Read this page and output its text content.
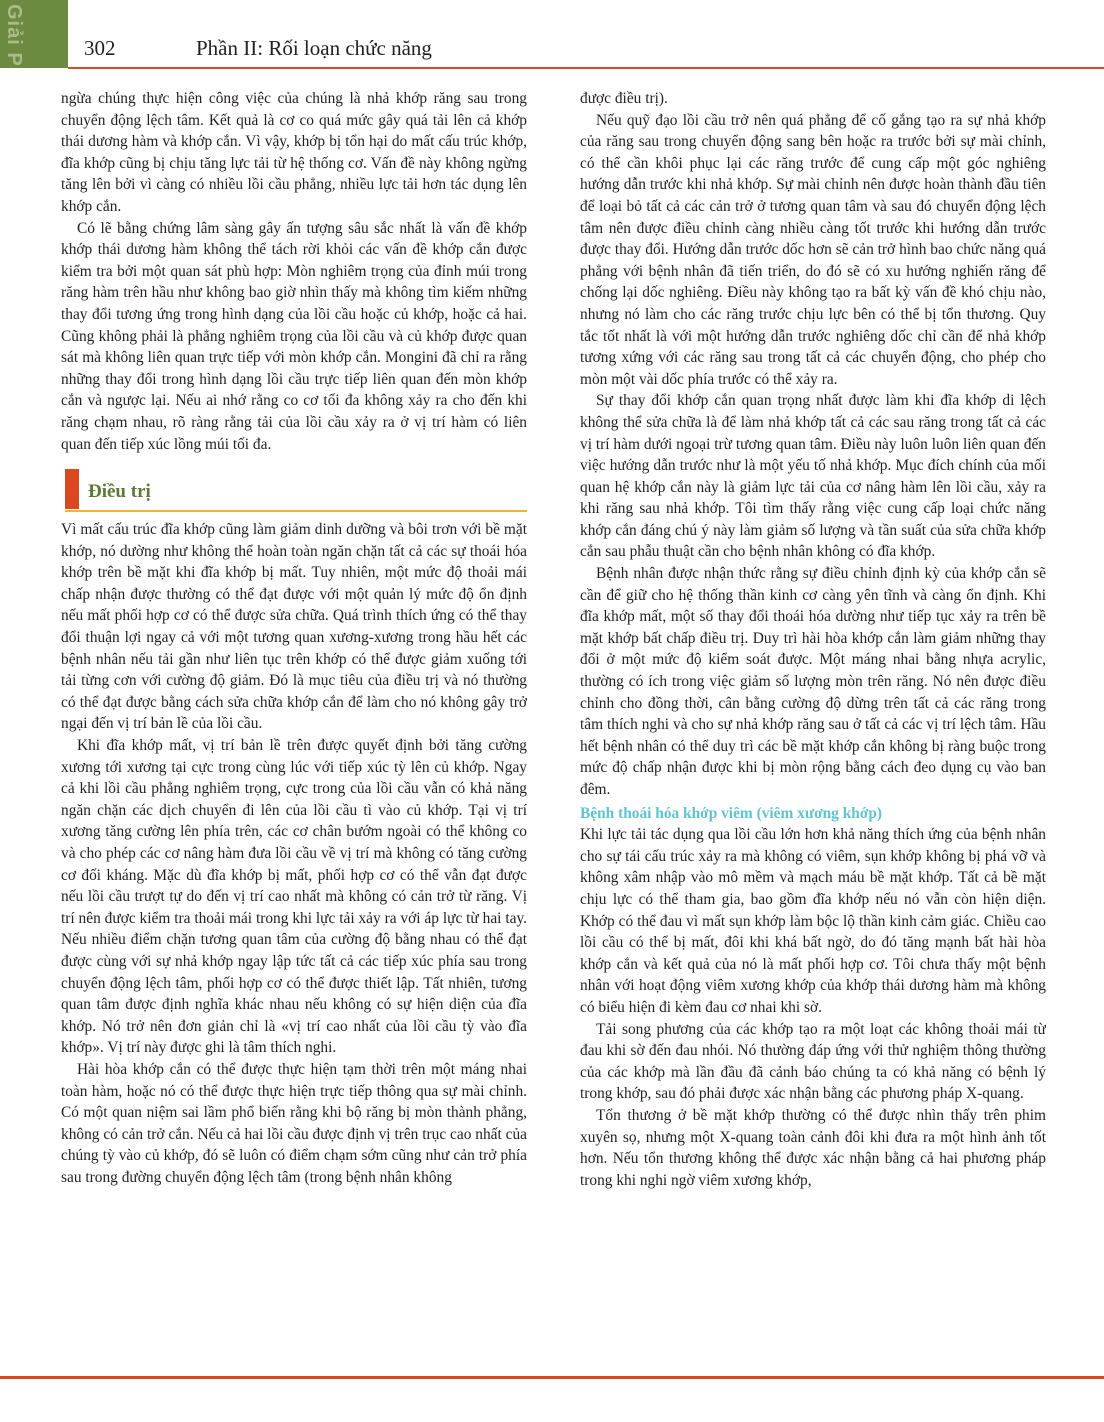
Giải P	302	Phần II: Rối loạn chức năng

ngừa chúng thực hiện công việc của chúng là nhả khớp răng sau trong chuyển động lệch tâm. Kết quả là cơ co quá mức gây quá tải lên cả khớp thái dương hàm và khớp cắn. Vì vậy, khớp bị tổn hại do mất cấu trúc khớp, đĩa khớp cũng bị chịu tăng lực tải từ hệ thống cơ. Vấn đề này không ngừng tăng lên bởi vì càng có nhiều lồi cầu phẳng, nhiều lực tải hơn tác dụng lên khớp cắn.

Có lẽ bằng chứng lâm sàng gây ấn tượng sâu sắc nhất là vấn đề khớp khớp thái dương hàm không thể tách rời khỏi các vấn đề khớp cắn được kiểm tra bởi một quan sát phù hợp: Mòn nghiêm trọng của đỉnh múi trong răng hàm trên hầu như không bao giờ nhìn thấy mà không tìm kiếm những thay đổi tương ứng trong hình dạng của lồi cầu hoặc củ khớp, hoặc cả hai. Cũng không phải là phẳng nghiêm trọng của lồi cầu và củ khớp được quan sát mà không liên quan trực tiếp với mòn khớp cắn. Mongini đã chỉ ra rằng những thay đổi trong hình dạng lồi cầu trực tiếp liên quan đến mòn khớp cắn và ngược lại. Nếu ai nhớ rằng co cơ tối đa không xảy ra cho đến khi răng chạm nhau, rõ ràng rằng tải của lồi cầu xảy ra ở vị trí hàm có liên quan đến tiếp xúc lồng múi tối đa.

Điều trị

Vì mất cấu trúc đĩa khớp cũng làm giảm dinh dưỡng và bôi trơn với bề mặt khớp, nó dường như không thể hoàn toàn ngăn chặn tất cả các sự thoái hóa khớp trên bề mặt khi đĩa khớp bị mất. Tuy nhiên, một mức độ thoải mái chấp nhận được thường có thể đạt được với một quản lý mức độ ổn định nếu mất phối hợp cơ có thể được sửa chữa. Quá trình thích ứng có thể thay đổi thuận lợi ngay cả với một tương quan xương-xương trong hầu hết các bệnh nhân nếu tải gần như liên tục trên khớp có thể được giảm xuống tới tải từng cơn với cường độ giảm. Đó là mục tiêu của điều trị và nó thường có thể đạt được bằng cách sửa chữa khớp cắn để làm cho nó không gây trở ngại đến vị trí bản lề của lồi cầu.

Khi đĩa khớp mất, vị trí bản lề trên được quyết định bởi tăng cường xương tới xương tại cực trong cùng lúc với tiếp xúc tỳ lên củ khớp. Ngay cả khi lồi cầu phẳng nghiêm trọng, cực trong của lồi cầu vẫn có khả năng ngăn chặn các dịch chuyển đi lên của lồi cầu tì vào củ khớp. Tại vị trí xương tăng cường lên phía trên, các cơ chân bướm ngoài có thể không co và cho phép các cơ nâng hàm đưa lồi cầu về vị trí mà không có tăng cường cơ đối kháng. Mặc dù đĩa khớp bị mất, phối hợp cơ có thể vẫn đạt được nếu lồi cầu trượt tự do đến vị trí cao nhất mà không có cản trở từ răng. Vị trí nên được kiểm tra thoải mái trong khi lực tải xảy ra với áp lực từ hai tay. Nếu nhiều điểm chặn tương quan tâm của cường độ bằng nhau có thể đạt được cùng với sự nhả khớp ngay lập tức tất cả các tiếp xúc phía sau trong chuyển động lệch tâm, phối hợp cơ có thể được thiết lập. Tất nhiên, tương quan tâm được định nghĩa khác nhau nếu không có sự hiện diện của đĩa khớp. Nó trở nên đơn giản chỉ là «vị trí cao nhất của lồi cầu tỳ vào đĩa khớp». Vị trí này được ghi là tâm thích nghi.

Hài hòa khớp cắn có thể được thực hiện tạm thời trên một máng nhai toàn hàm, hoặc nó có thể được thực hiện trực tiếp thông qua sự mài chỉnh. Có một quan niệm sai lầm phổ biến rằng khi bộ răng bị mòn thành phẳng, không có cản trở cắn. Nếu cả hai lồi cầu được định vị trên trục cao nhất của chúng tỳ vào củ khớp, đó sẽ luôn có điểm chạm sớm cũng như cản trở phía sau trong đường chuyển động lệch tâm (trong bệnh nhân không

được điều trị).

Nếu quỹ đạo lồi cầu trở nên quá phẳng để cố gắng tạo ra sự nhả khớp của răng sau trong chuyển động sang bên hoặc ra trước bởi sự mài chỉnh, có thể cần khôi phục lại các răng trước để cung cấp một góc nghiêng hướng dẫn trước khi nhả khớp. Sự mài chỉnh nên được hoàn thành đầu tiên để loại bỏ tất cả các cản trở ở tương quan tâm và sau đó chuyển động lệch tâm nên được điều chỉnh càng nhiều càng tốt trước khi hướng dẫn trước được thay đổi. Hướng dẫn trước dốc hơn sẽ cản trở hình bao chức năng quá phẳng với bệnh nhân đã tiến triển, do đó sẽ có xu hướng nghiến răng để chống lại dốc nghiêng. Điều này không tạo ra bất kỳ vấn đề khó chịu nào, nhưng nó làm cho các răng trước chịu lực bên có thể bị tổn thương. Quy tắc tốt nhất là với một hướng dẫn trước nghiêng dốc chỉ cần để nhả khớp tương xứng với các răng sau trong tất cả các chuyển động, cho phép cho mòn một vài dốc phía trước có thể xảy ra.

Sự thay đổi khớp cắn quan trọng nhất được làm khi đĩa khớp di lệch không thể sửa chữa là để làm nhả khớp tất cả các sau răng trong tất cả các vị trí hàm dưới ngoại trừ tương quan tâm. Điều này luôn luôn liên quan đến việc hướng dẫn trước như là một yếu tố nhả khớp. Mục đích chính của mối quan hệ khớp cắn này là giảm lực tải của cơ nâng hàm lên lồi cầu, xảy ra khi răng sau nhả khớp. Tôi tìm thấy rằng việc cung cấp loại chức năng khớp cắn đáng chú ý này làm giảm số lượng và tần suất của sửa chữa khớp cắn sau phẫu thuật cần cho bệnh nhân không có đĩa khớp.

Bệnh nhân được nhận thức rằng sự điều chỉnh định kỳ của khớp cắn sẽ cần để giữ cho hệ thống thần kinh cơ càng yên tĩnh và càng ổn định. Khi đĩa khớp mất, một số thay đổi thoái hóa dường như tiếp tục xảy ra trên bề mặt khớp bất chấp điều trị. Duy trì hài hòa khớp cắn làm giảm những thay đổi ở một mức độ kiểm soát được. Một máng nhai bằng nhựa acrylic, thường có ích trong việc giảm số lượng mòn trên răng. Nó nên được điều chỉnh cho đồng thời, cân bằng cường độ dừng trên tất cả các răng trong tâm thích nghi và cho sự nhả khớp răng sau ở tất cả các vị trí lệch tâm. Hầu hết bệnh nhân có thể duy trì các bề mặt khớp cắn không bị ràng buộc trong mức độ chấp nhận được khi bị mòn rộng bằng cách đeo dụng cụ vào ban đêm.

Bệnh thoái hóa khớp viêm (viêm xương khớp)

Khi lực tải tác dụng qua lồi cầu lớn hơn khả năng thích ứng của bệnh nhân cho sự tái cấu trúc xảy ra mà không có viêm, sụn khớp không bị phá vỡ và không xâm nhập vào mô mềm và mạch máu bề mặt khớp. Tất cả bề mặt chịu lực có thể tham gia, bao gồm đĩa khớp nếu nó vẫn còn hiện diện. Khớp có thể đau vì mất sụn khớp làm bộc lộ thần kinh cảm giác. Chiều cao lồi cầu có thể bị mất, đôi khi khá bất ngờ, do đó tăng mạnh bất hài hòa khớp cắn và kết quả của nó là mất phối hợp cơ. Tôi chưa thấy một bệnh nhân với hoạt động viêm xương khớp của khớp thái dương hàm mà không có biểu hiện đi kèm đau cơ nhai khi sờ.

Tải song phương của các khớp tạo ra một loạt các không thoải mái từ đau khi sờ đến đau nhói. Nó thường đáp ứng với thử nghiệm thông thường của các khớp mà lần đầu đã cảnh báo chúng ta có khả năng có bệnh lý trong khớp, sau đó phải được xác nhận bằng các phương pháp X-quang.

Tổn thương ở bề mặt khớp thường có thể được nhìn thấy trên phim xuyên sọ, nhưng một X-quang toàn cảnh đôi khi đưa ra một hình ảnh tốt hơn. Nếu tổn thương không thể được xác nhận bằng cả hai phương pháp trong khi nghi ngờ viêm xương khớp,
